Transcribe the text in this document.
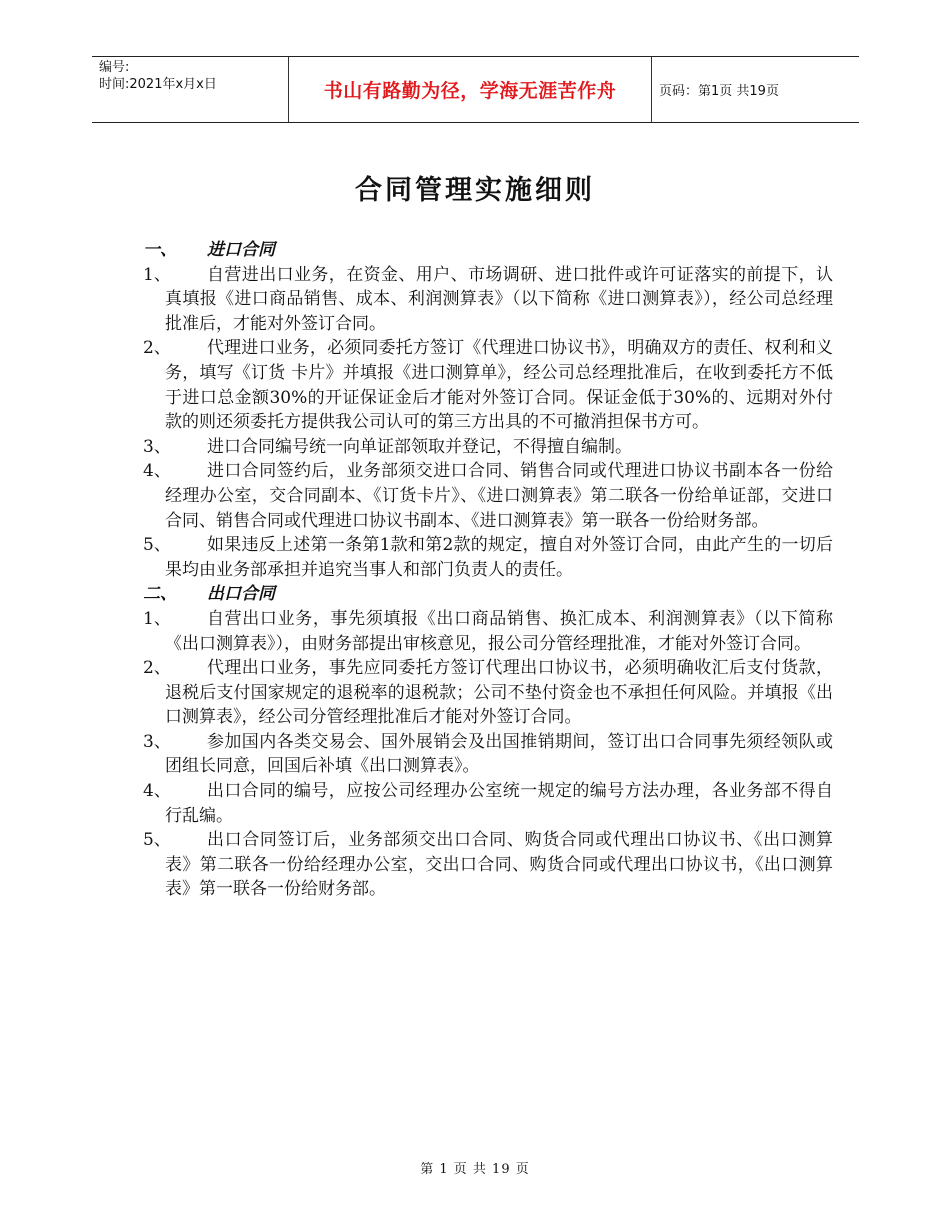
编号:
时间:2021年x月x日	书山有路勤为径，学海无涯苦作舟	页码：第1页 共19页
合同管理实施细则
一、 进口合同
1、	自营进出口业务，在资金、用户、市场调研、进口批件或许可证落实的前提下，认真填报《进口商品销售、成本、利润测算表》（以下简称《进口测算表》），经公司总经理批准后，才能对外签订合同。
2、	代理进口业务，必须同委托方签订《代理进口协议书》，明确双方的责任、权利和义务，填写《订货 卡片》并填报《进口测算单》，经公司总经理批准后，在收到委托方不低于进口总金额30%的开证保证金后才能对外签订合同。保证金低于30%的、远期对外付款的则还须委托方提供我公司认可的第三方出具的不可撤消担保书方可。
3、	进口合同编号统一向单证部领取并登记，不得擅自编制。
4、	进口合同签约后，业务部须交进口合同、销售合同或代理进口协议书副本各一份给经理办公室，交合同副本、《订货卡片》、《进口测算表》第二联各一份给单证部，交进口合同、销售合同或代理进口协议书副本、《进口测算表》第一联各一份给财务部。
5、	如果违反上述第一条第1款和第2款的规定，擅自对外签订合同，由此产生的一切后果均由业务部承担并追究当事人和部门负责人的责任。
二、 出口合同
1、	自营出口业务，事先须填报《出口商品销售、换汇成本、利润测算表》（以下简称《出口测算表》），由财务部提出审核意见，报公司分管经理批准，才能对外签订合同。
2、	代理出口业务，事先应同委托方签订代理出口协议书，必须明确收汇后支付货款，退税后支付国家规定的退税率的退税款；公司不垫付资金也不承担任何风险。并填报《出口测算表》，经公司分管经理批准后才能对外签订合同。
3、	参加国内各类交易会、国外展销会及出国推销期间，签订出口合同事先须经领队或团组长同意，回国后补填《出口测算表》。
4、	出口合同的编号，应按公司经理办公室统一规定的编号方法办理，各业务部不得自行乱编。
5、	出口合同签订后，业务部须交出口合同、购货合同或代理出口协议书、《出口测算表》第二联各一份给经理办公室，交出口合同、购货合同或代理出口协议书，《出口测算表》第一联各一份给财务部。
第 1 页 共 19 页
